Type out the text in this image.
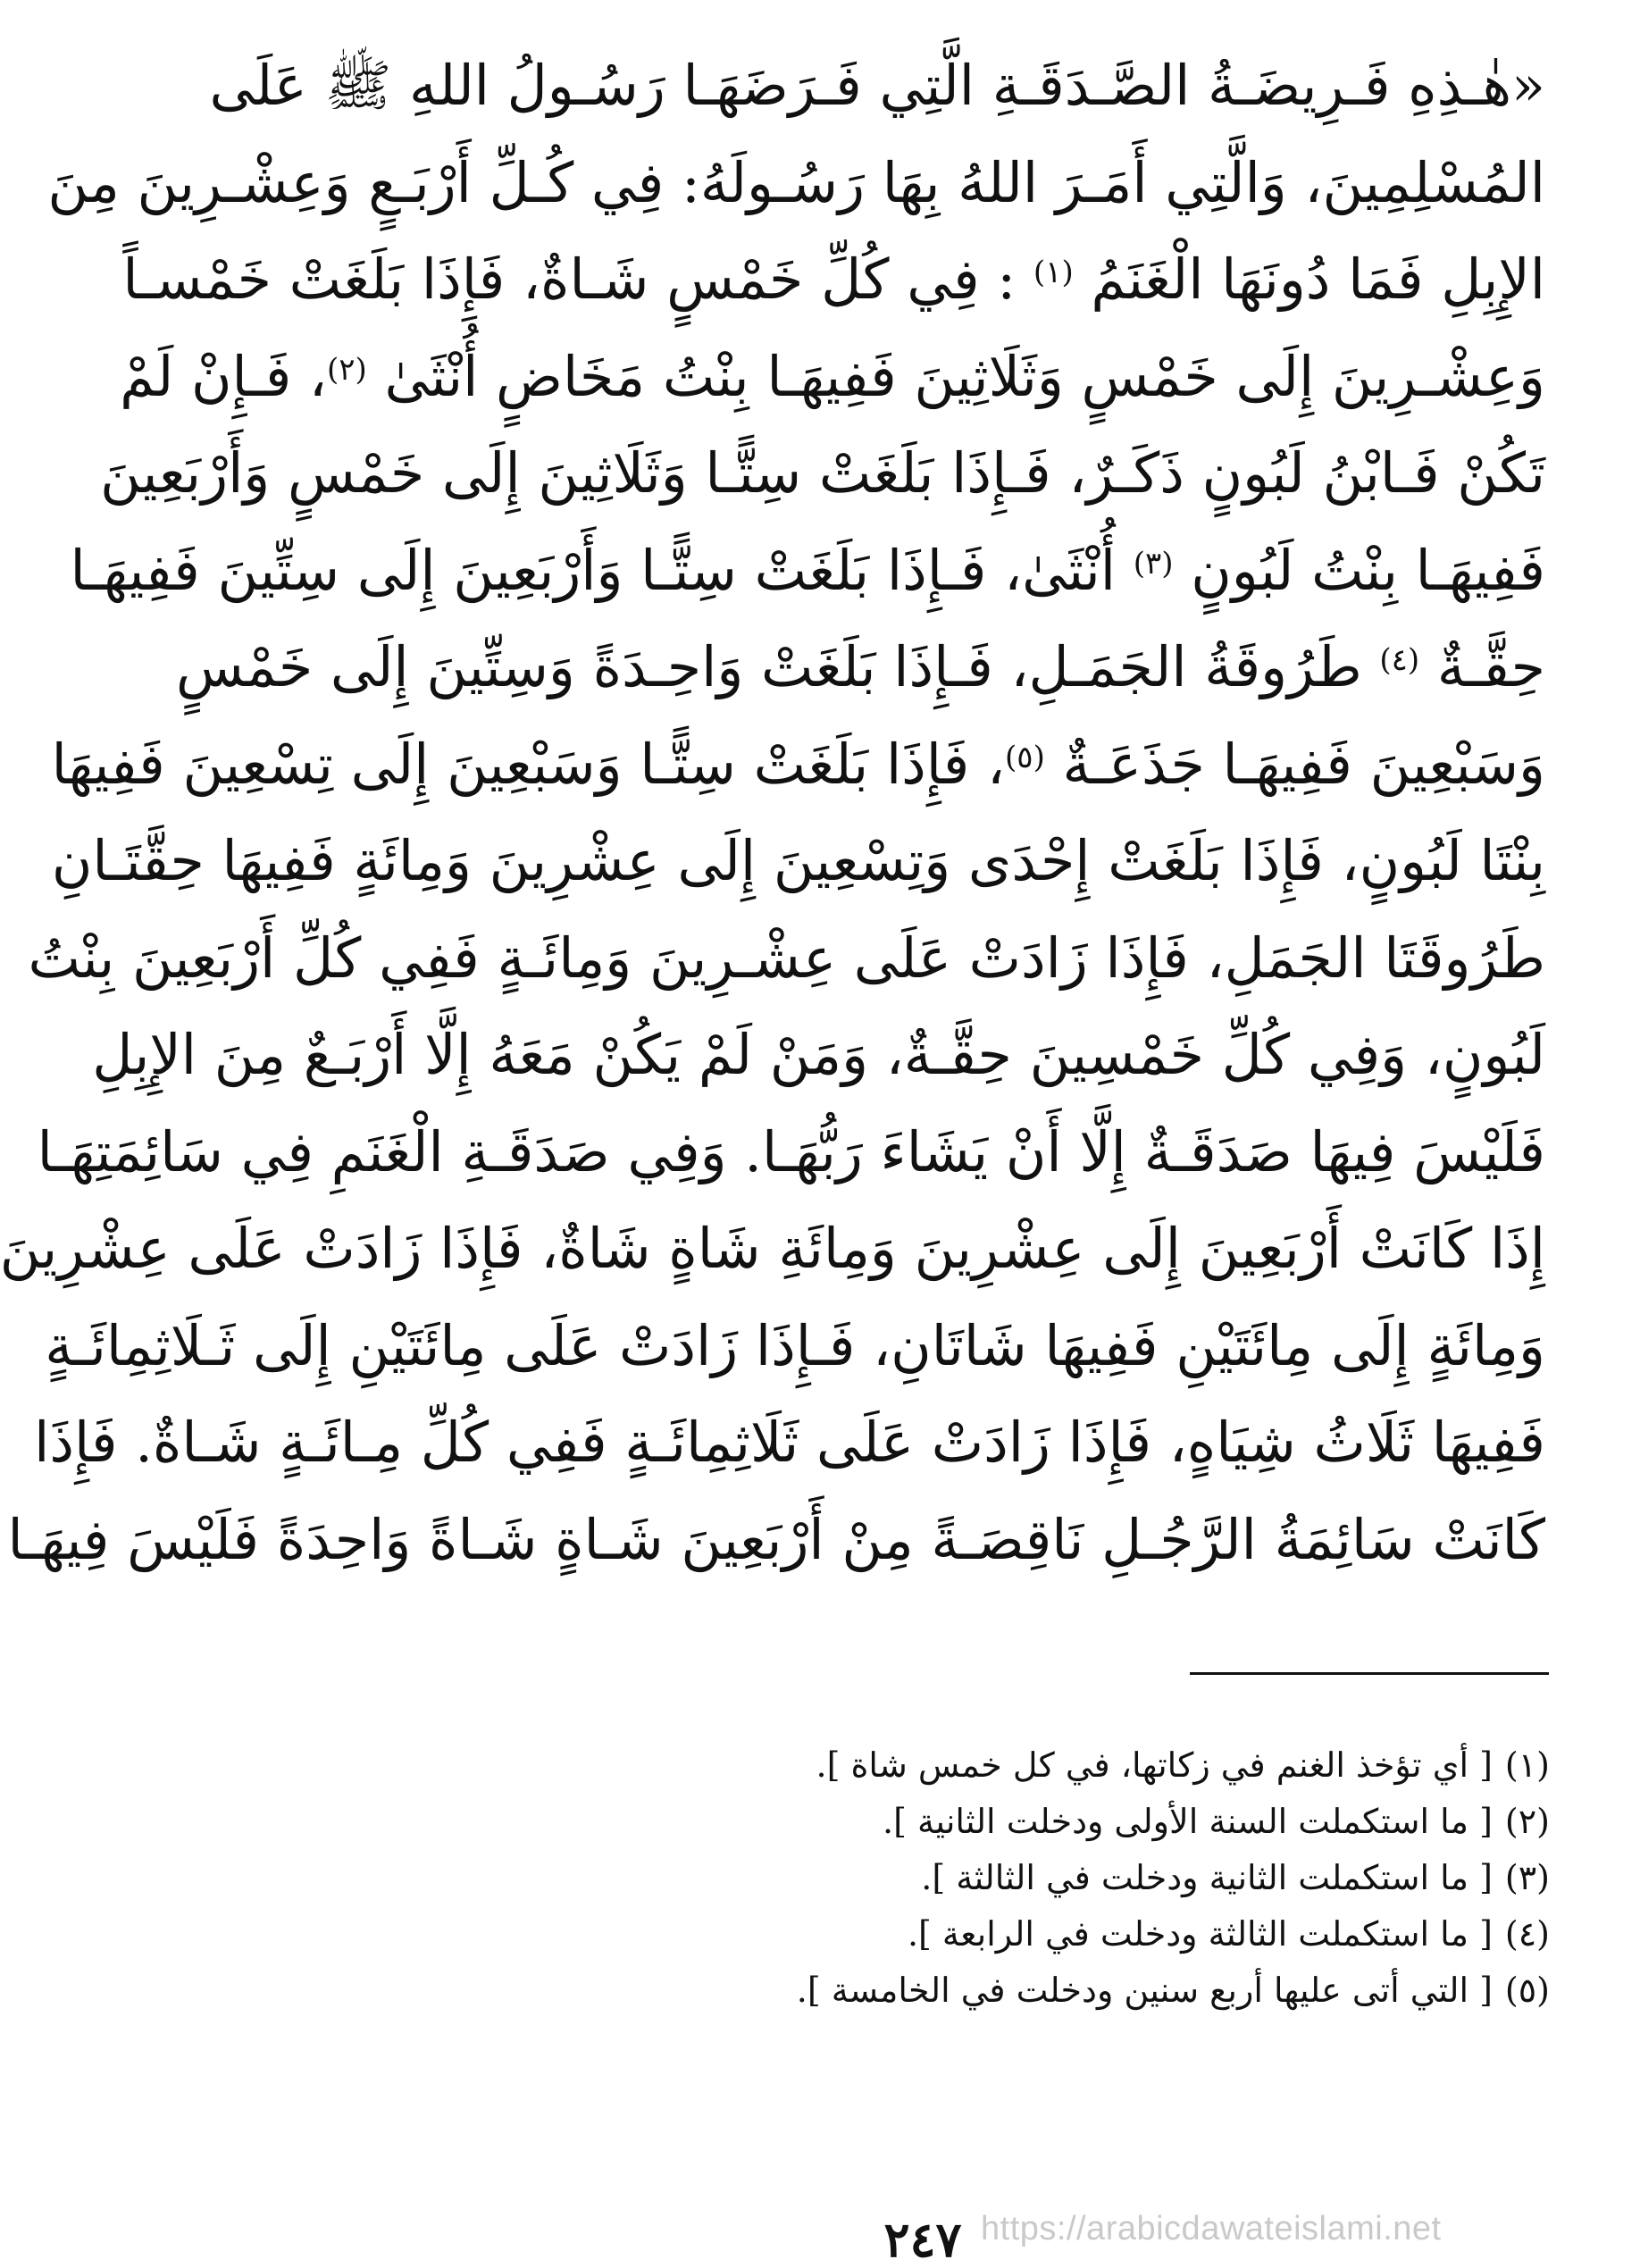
«هٰـذِهِ فَـرِيضَـةُ الصَّـدَقَـةِ الَّتِي فَـرَضَهَـا رَسُـولُ اللهِ ﷺ عَلَى
المُسْلِمِينَ، وَالَّتِي أَمَـرَ اللهُ بِهَا رَسُـولَهُ: فِي كُـلِّ أَرْبَـعٍ وَعِشْـرِينَ مِنَ
الإِبِلِ فَمَا دُونَهَا الْغَنَمُ $^{(١)}$ : فِي كُلِّ خَمْسٍ شَـاةٌ، فَإِذَا بَلَغَتْ خَمْسـاً
وَعِشْـرِينَ إِلَى خَمْسٍ وَثَلَاثِينَ فَفِيهَـا بِنْتُ مَخَاضٍ أُنْثَىٰ $^{(٢)}$، فَـإِنْ لَمْ
تَكُنْ فَـابْنُ لَبُونٍ ذَكَـرٌ، فَـإِذَا بَلَغَتْ سِتًّـا وَثَلَاثِينَ إِلَى خَمْسٍ وَأَرْبَعِينَ
فَفِيهَـا بِنْتُ لَبُونٍ $^{(٣)}$ أُنْثَىٰ، فَـإِذَا بَلَغَتْ سِتًّـا وَأَرْبَعِينَ إِلَى سِتِّينَ فَفِيهَـا
حِقَّـةٌ $^{(٤)}$ طَرُوقَةُ الجَمَـلِ، فَـإِذَا بَلَغَتْ وَاحِـدَةً وَسِتِّينَ إِلَى خَمْسٍ
وَسَبْعِينَ فَفِيهَـا جَذَعَـةٌ $^{(٥)}$، فَإِذَا بَلَغَتْ سِتًّـا وَسَبْعِينَ إِلَى تِسْعِينَ فَفِيهَا
بِنْتَا لَبُونٍ، فَإِذَا بَلَغَتْ إِحْدَى وَتِسْعِينَ إِلَى عِشْرِينَ وَمِائَةٍ فَفِيهَا حِقَّتَـانِ
طَرُوقَتَا الجَمَلِ، فَإِذَا زَادَتْ عَلَى عِشْـرِينَ وَمِائَـةٍ فَفِي كُلِّ أَرْبَعِينَ بِنْتُ
لَبُونٍ، وَفِي كُلِّ خَمْسِينَ حِقَّـةٌ، وَمَنْ لَمْ يَكُنْ مَعَهُ إِلَّا أَرْبَـعٌ مِنَ الإِبِلِ
فَلَيْسَ فِيهَا صَدَقَـةٌ إِلَّا أَنْ يَشَاءَ رَبُّهَـا. وَفِي صَدَقَـةِ الْغَنَمِ فِي سَائِمَتِهَـا
إِذَا كَانَتْ أَرْبَعِينَ إِلَى عِشْرِينَ وَمِائَةِ شَاةٍ شَاةٌ، فَإِذَا زَادَتْ عَلَى عِشْرِينَ
وَمِائَةٍ إِلَى مِائَتَيْنِ فَفِيهَا شَاتَانِ، فَـإِذَا زَادَتْ عَلَى مِائَتَيْنِ إِلَى ثَـلَاثِمِائَـةٍ
فَفِيهَا ثَلَاثُ شِيَاهٍ، فَإِذَا زَادَتْ عَلَى ثَلَاثِمِائَـةٍ فَفِي كُلِّ مِـائَـةٍ شَـاةٌ. فَإِذَا
كَانَتْ سَائِمَةُ الرَّجُـلِ نَاقِصَـةً مِنْ أَرْبَعِينَ شَـاةٍ شَـاةً وَاحِدَةً فَلَيْسَ فِيهَـا
(١)[ أي تؤخذ الغنم في زكاتها، في كل خمس شاة ].
(٢)[ ما استكملت السنة الأولى ودخلت الثانية ].
(٣)[ ما استكملت الثانية ودخلت في الثالثة ].
(٤)[ ما استكملت الثالثة ودخلت في الرابعة ].
(٥)[ التي أتى عليها أربع سنين ودخلت في الخامسة ].
٢٤٧ https://arabicdawateislami.net
